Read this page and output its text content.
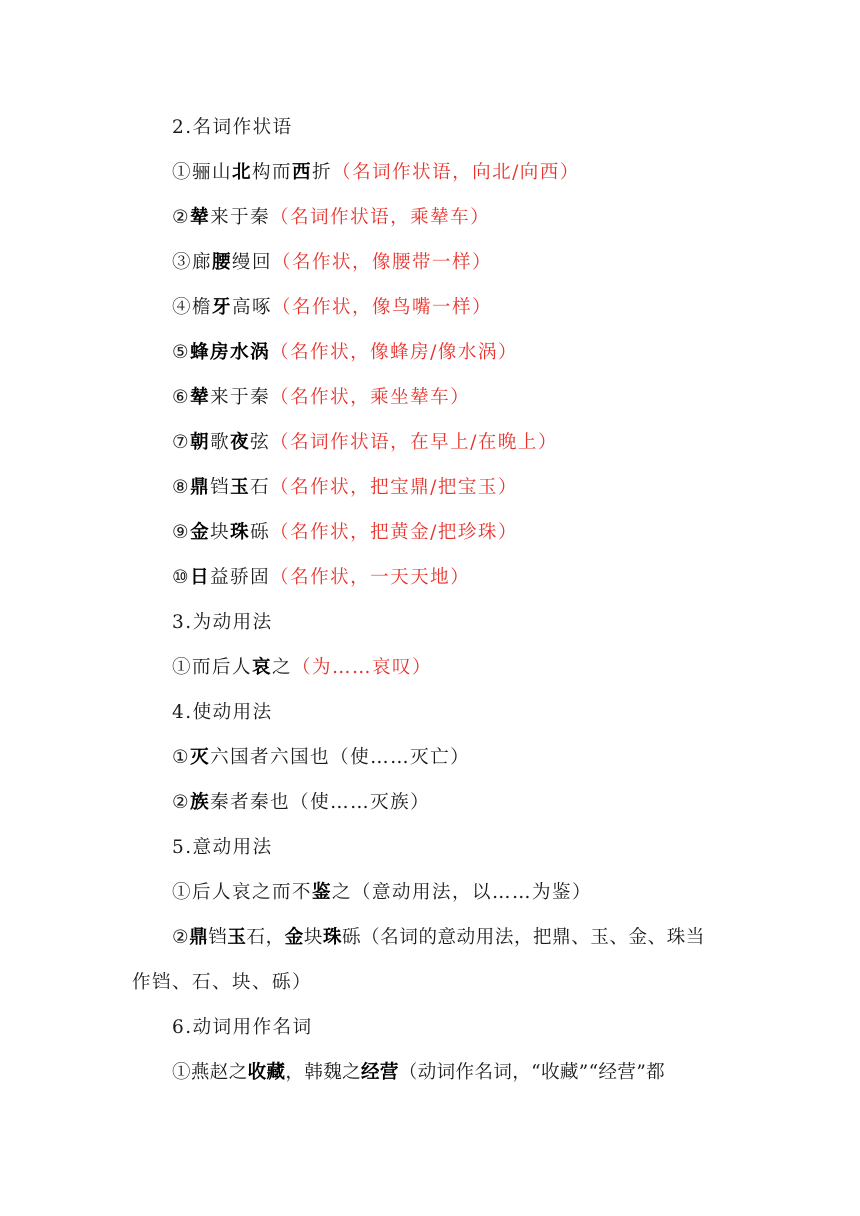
2.名词作状语
①骊山北构而西折（名词作状语，向北/向西）
②辇来于秦（名词作状语，乘辇车）
③廊腰缦回（名作状，像腰带一样）
④檐牙高啄（名作状，像鸟嘴一样）
⑤蜂房水涡（名作状，像蜂房/像水涡）
⑥辇来于秦（名作状，乘坐辇车）
⑦朝歌夜弦（名词作状语，在早上/在晚上）
⑧鼎铛玉石（名作状，把宝鼎/把宝玉）
⑨金块珠砾（名作状，把黄金/把珍珠）
⑩日益骄固（名作状，一天天地）
3.为动用法
①而后人哀之（为……哀叹）
4.使动用法
①灭六国者六国也（使……灭亡）
②族秦者秦也（使……灭族）
5.意动用法
①后人哀之而不鉴之（意动用法，以……为鉴）
②鼎铛玉石，金块珠砾（名词的意动用法，把鼎、玉、金、珠当
作铛、石、块、砾）
6.动词用作名词
①燕赵之收藏，韩魏之经营（动词作名词，“收藏”“经营”都
